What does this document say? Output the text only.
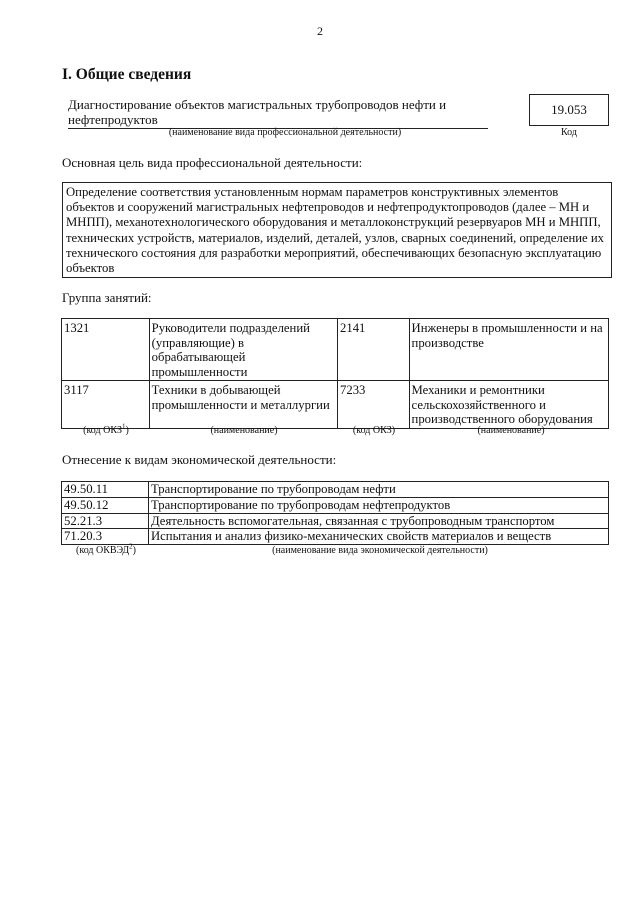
2
I. Общие сведения
Диагностирование объектов магистральных трубопроводов нефти и нефтепродуктов
19.053
(наименование вида профессиональной деятельности)	Код
Основная цель вида профессиональной деятельности:
Определение соответствия установленным нормам параметров конструктивных элементов объектов и сооружений магистральных нефтепроводов и нефтепродуктопроводов (далее – МН и МНПП), механотехнологического оборудования и металлоконструкций резервуаров МН и МНПП, технических устройств, материалов, изделий, деталей, узлов, сварных соединений, определение их технического состояния для разработки мероприятий, обеспечивающих безопасную эксплуатацию объектов
Группа занятий:
1321	Руководители подразделений (управляющие) в обрабатывающей промышленности	2141	Инженеры в промышленности и на производстве
3117	Техники в добывающей промышленности и металлургии	7233	Механики и ремонтники сельскохозяйственного и производственного оборудования
(код ОКЗ$^1$)	(наименование)	(код ОКЗ)	(наименование)
Отнесение к видам экономической деятельности:
49.50.11	Транспортирование по трубопроводам нефти
49.50.12	Транспортирование по трубопроводам нефтепродуктов
52.21.3	Деятельность вспомогательная, связанная с трубопроводным транспортом
71.20.3	Испытания и анализ физико-механических свойств материалов и веществ
(код ОКВЭД$^2$)	(наименование вида экономической деятельности)
